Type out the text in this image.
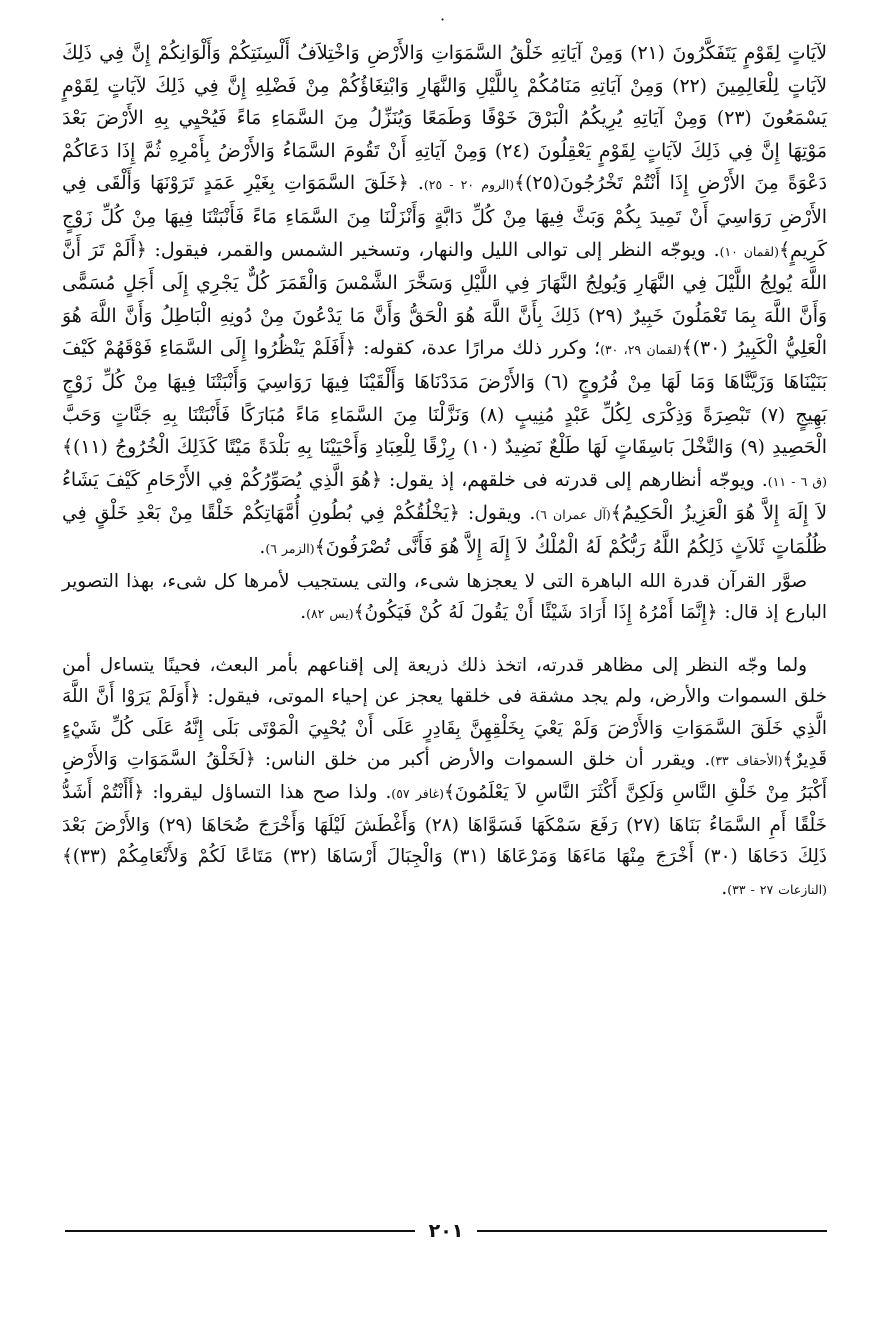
·

لآيَاتٍ لِقَوْمٍ يَتَفَكَّرُونَ (٢١) وَمِنْ آيَاتِهِ خَلْقُ السَّمَوَاتِ وَالأَرْضِ وَاخْتِلاَفُ أَلْسِنَتِكُمْ وَأَلْوَانِكُمْ إِنَّ فِي ذَلِكَ لآيَاتٍ لِلْعَالِمِينَ (٢٢) وَمِنْ آيَاتِهِ مَنَامُكُمْ بِاللَّيْلِ وَالنَّهَارِ وَابْتِغَاؤُكُمْ مِنْ فَضْلِهِ إِنَّ فِي ذَلِكَ لآيَاتٍ لِقَوْمٍ يَسْمَعُونَ (٢٣) وَمِنْ آيَاتِهِ يُرِيكُمُ الْبَرْقَ خَوْفًا وَطَمَعًا وَيُنَزِّلُ مِنَ السَّمَاءِ مَاءً فَيُحْيِي بِهِ الأَرْضَ بَعْدَ مَوْتِهَا إِنَّ فِي ذَلِكَ لآيَاتٍ لِقَوْمٍ يَعْقِلُونَ (٢٤) وَمِنْ آيَاتِهِ أَنْ تَقُومَ السَّمَاءُ وَالأَرْضُ بِأَمْرِهِ ثُمَّ إِذَا دَعَاكُمْ دَعْوَةً مِنَ الأَرْضِ إِذَا أَنْتُمْ تَخْرُجُونَ(٢٥)﴾(الروم ٢٠ - ٢٥). ﴿خَلَقَ السَّمَوَاتِ بِغَيْرِ عَمَدٍ تَرَوْنَهَا وَأَلْقَى فِي الأَرْضِ رَوَاسِيَ أَنْ تَمِيدَ بِكُمْ وَبَثَّ فِيهَا مِنْ كُلِّ دَابَّةٍ وَأَنْزَلْنَا مِنَ السَّمَاءِ مَاءً فَأَنْبَتْنَا فِيهَا مِنْ كُلِّ زَوْجٍ كَرِيمٍ﴾(لقمان ١٠). ويوجّه النظر إلى توالى الليل والنهار، وتسخير الشمس والقمر، فيقول: ﴿أَلَمْ تَرَ أَنَّ اللَّهَ يُولِجُ اللَّيْلَ فِي النَّهَارِ وَيُولِجُ النَّهَارَ فِي اللَّيْلِ وَسَخَّرَ الشَّمْسَ وَالْقَمَرَ كُلٌّ يَجْرِي إِلَى أَجَلٍ مُسَمًّى وَأَنَّ اللَّهَ بِمَا تَعْمَلُونَ خَبِيرٌ (٢٩) ذَلِكَ بِأَنَّ اللَّهَ هُوَ الْحَقُّ وَأَنَّ مَا يَدْعُونَ مِنْ دُونِهِ الْبَاطِلُ وَأَنَّ اللَّهَ هُوَ الْعَلِيُّ الْكَبِيرُ (٣٠)﴾(لقمان ٢٩، ٣٠)؛ وكرر ذلك مرارًا عدة، كقوله: ﴿أَفَلَمْ يَنْظُرُوا إِلَى السَّمَاءِ فَوْقَهُمْ كَيْفَ بَنَيْنَاهَا وَزَيَّنَّاهَا وَمَا لَهَا مِنْ فُرُوجٍ (٦) وَالأَرْضَ مَدَدْنَاهَا وَأَلْقَيْنَا فِيهَا رَوَاسِيَ وَأَنْبَتْنَا فِيهَا مِنْ كُلِّ زَوْجٍ بَهِيجٍ (٧) تَبْصِرَةً وَذِكْرَى لِكُلِّ عَبْدٍ مُنِيبٍ (٨) وَنَزَّلْنَا مِنَ السَّمَاءِ مَاءً مُبَارَكًا فَأَنْبَتْنَا بِهِ جَنَّاتٍ وَحَبَّ الْحَصِيدِ (٩) وَالنَّخْلَ بَاسِقَاتٍ لَهَا طَلْعٌ نَضِيدٌ (١٠) رِزْقًا لِلْعِبَادِ وَأَحْيَيْنَا بِهِ بَلْدَةً مَيْتًا كَذَلِكَ الْخُرُوجُ (١١)﴾(ق ٦ - ١١). ويوجّه أنظارهم إلى قدرته فى خلقهم، إذ يقول: ﴿هُوَ الَّذِي يُصَوِّرُكُمْ فِي الأَرْحَامِ كَيْفَ يَشَاءُ لاَ إِلَهَ إِلاَّ هُوَ الْعَزِيزُ الْحَكِيمُ﴾(آل عمران ٦). ويقول: ﴿يَخْلُقُكُمْ فِي بُطُونِ أُمَّهَاتِكُمْ خَلْقًا مِنْ بَعْدِ خَلْقٍ فِي ظُلُمَاتٍ ثَلاَثٍ ذَلِكُمُ اللَّهُ رَبُّكُمْ لَهُ الْمُلْكُ لاَ إِلَهَ إِلاَّ هُوَ فَأَنَّى تُصْرَفُونَ﴾(الزمر ٦).

صوَّر القرآن قدرة الله الباهرة التى لا يعجزها شىء، والتى يستجيب لأمرها كل شىء، بهذا التصوير البارع إذ قال: ﴿إِنَّمَا أَمْرُهُ إِذَا أَرَادَ شَيْئًا أَنْ يَقُولَ لَهُ كُنْ فَيَكُونُ﴾(يس ٨٢).

ولما وجّه النظر إلى مظاهر قدرته، اتخذ ذلك ذريعة إلى إقناعهم بأمر البعث، فحينًا يتساءل أمن خلق السموات والأرض، ولم يجد مشقة فى خلقها يعجز عن إحياء الموتى، فيقول: ﴿أَوَلَمْ يَرَوْا أَنَّ اللَّهَ الَّذِي خَلَقَ السَّمَوَاتِ وَالأَرْضَ وَلَمْ يَعْيَ بِخَلْقِهِنَّ بِقَادِرٍ عَلَى أَنْ يُحْيِيَ الْمَوْتَى بَلَى إِنَّهُ عَلَى كُلِّ شَيْءٍ قَدِيرٌ﴾(الأحقاف ٣٣). ويقرر أن خلق السموات والأرض أكبر من خلق الناس: ﴿لَخَلْقُ السَّمَوَاتِ وَالأَرْضِ أَكْبَرُ مِنْ خَلْقِ النَّاسِ وَلَكِنَّ أَكْثَرَ النَّاسِ لاَ يَعْلَمُونَ﴾(غافر ٥٧). ولذا صح هذا التساؤل ليقروا: ﴿أَأَنْتُمْ أَشَدُّ خَلْقًا أَمِ السَّمَاءُ بَنَاهَا (٢٧) رَفَعَ سَمْكَهَا فَسَوَّاهَا (٢٨) وَأَغْطَشَ لَيْلَهَا وَأَخْرَجَ ضُحَاهَا (٢٩) وَالأَرْضَ بَعْدَ ذَلِكَ دَحَاهَا (٣٠) أَخْرَجَ مِنْهَا مَاءَهَا وَمَرْعَاهَا (٣١) وَالْجِبَالَ أَرْسَاهَا (٣٢) مَتَاعًا لَكُمْ وَلأَنْعَامِكُمْ (٣٣)﴾(النازعات ٢٧ - ٣٣).

٢٠١
